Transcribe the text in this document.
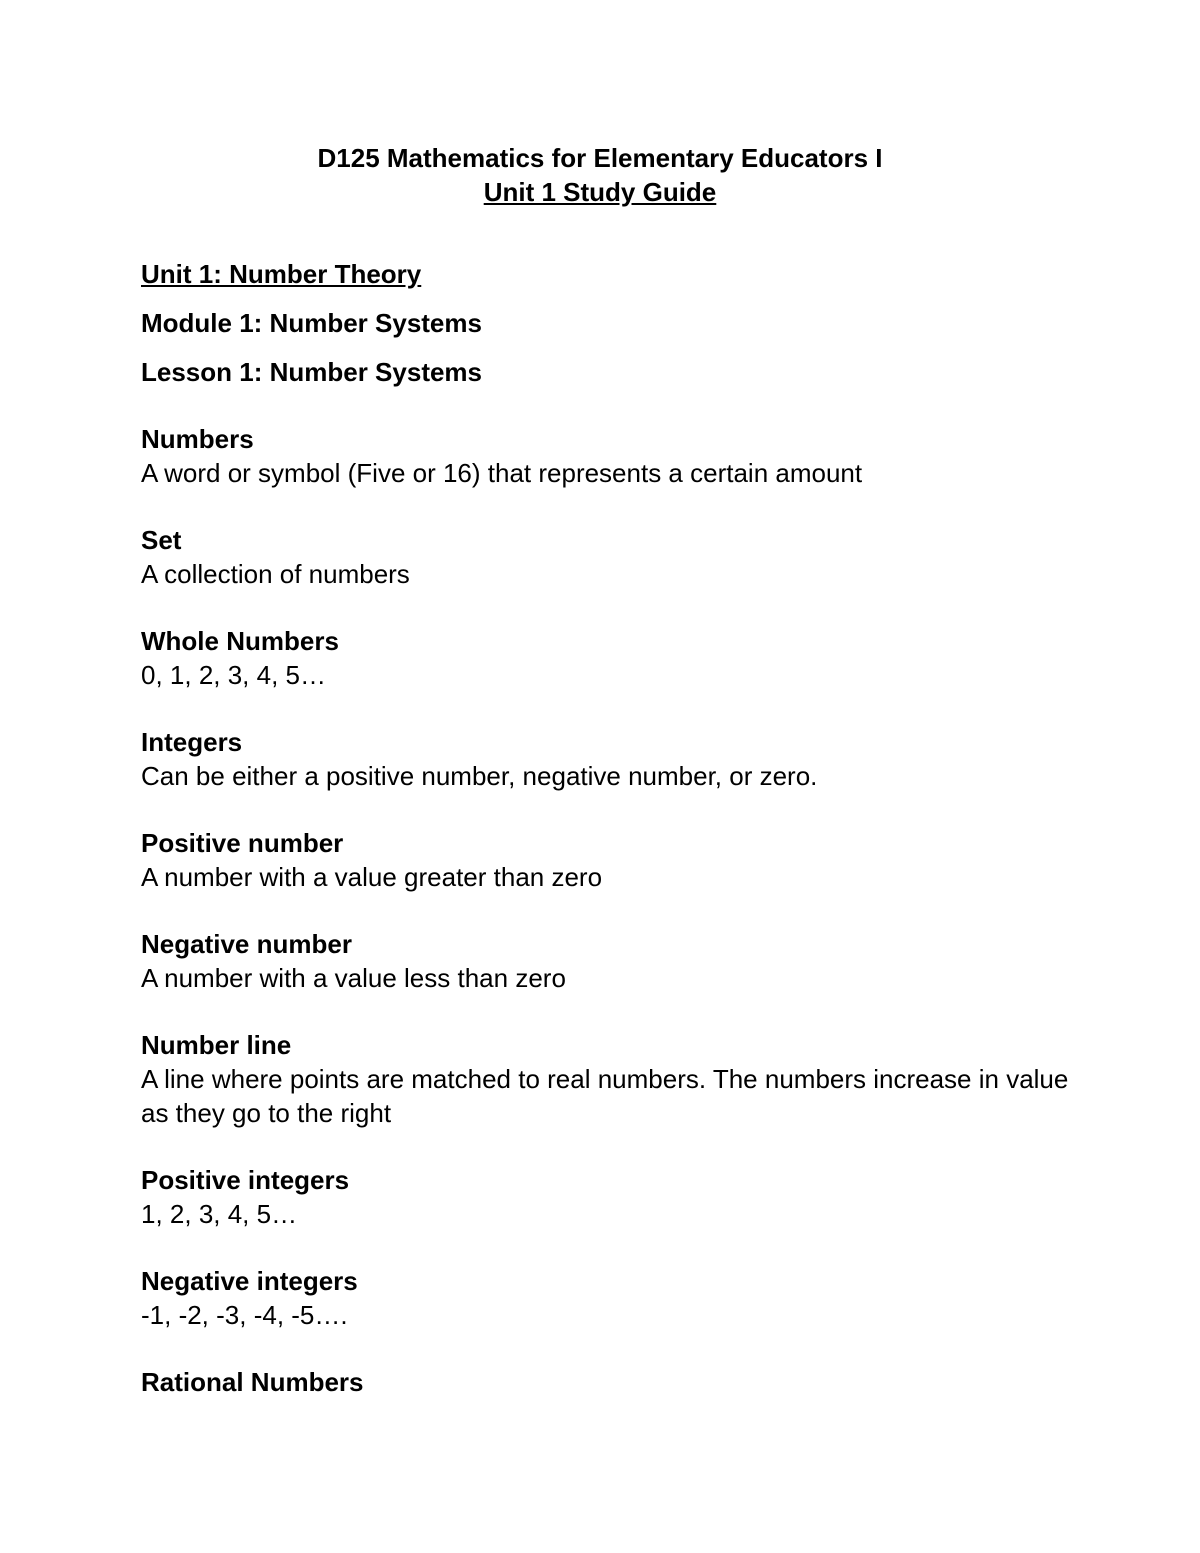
D125 Mathematics for Elementary Educators I
Unit 1 Study Guide

Unit 1: Number Theory

Module 1: Number Systems

Lesson 1: Number Systems

Numbers

A word or symbol (Five or 16) that represents a certain amount

Set

A collection of numbers

Whole Numbers

0, 1, 2, 3, 4, 5…

Integers

Can be either a positive number, negative number, or zero.

Positive number

A number with a value greater than zero

Negative number

A number with a value less than zero

Number line

A line where points are matched to real numbers. The numbers increase in value as they go to the right

Positive integers

1, 2, 3, 4, 5…

Negative integers

-1, -2, -3, -4, -5….

Rational Numbers
